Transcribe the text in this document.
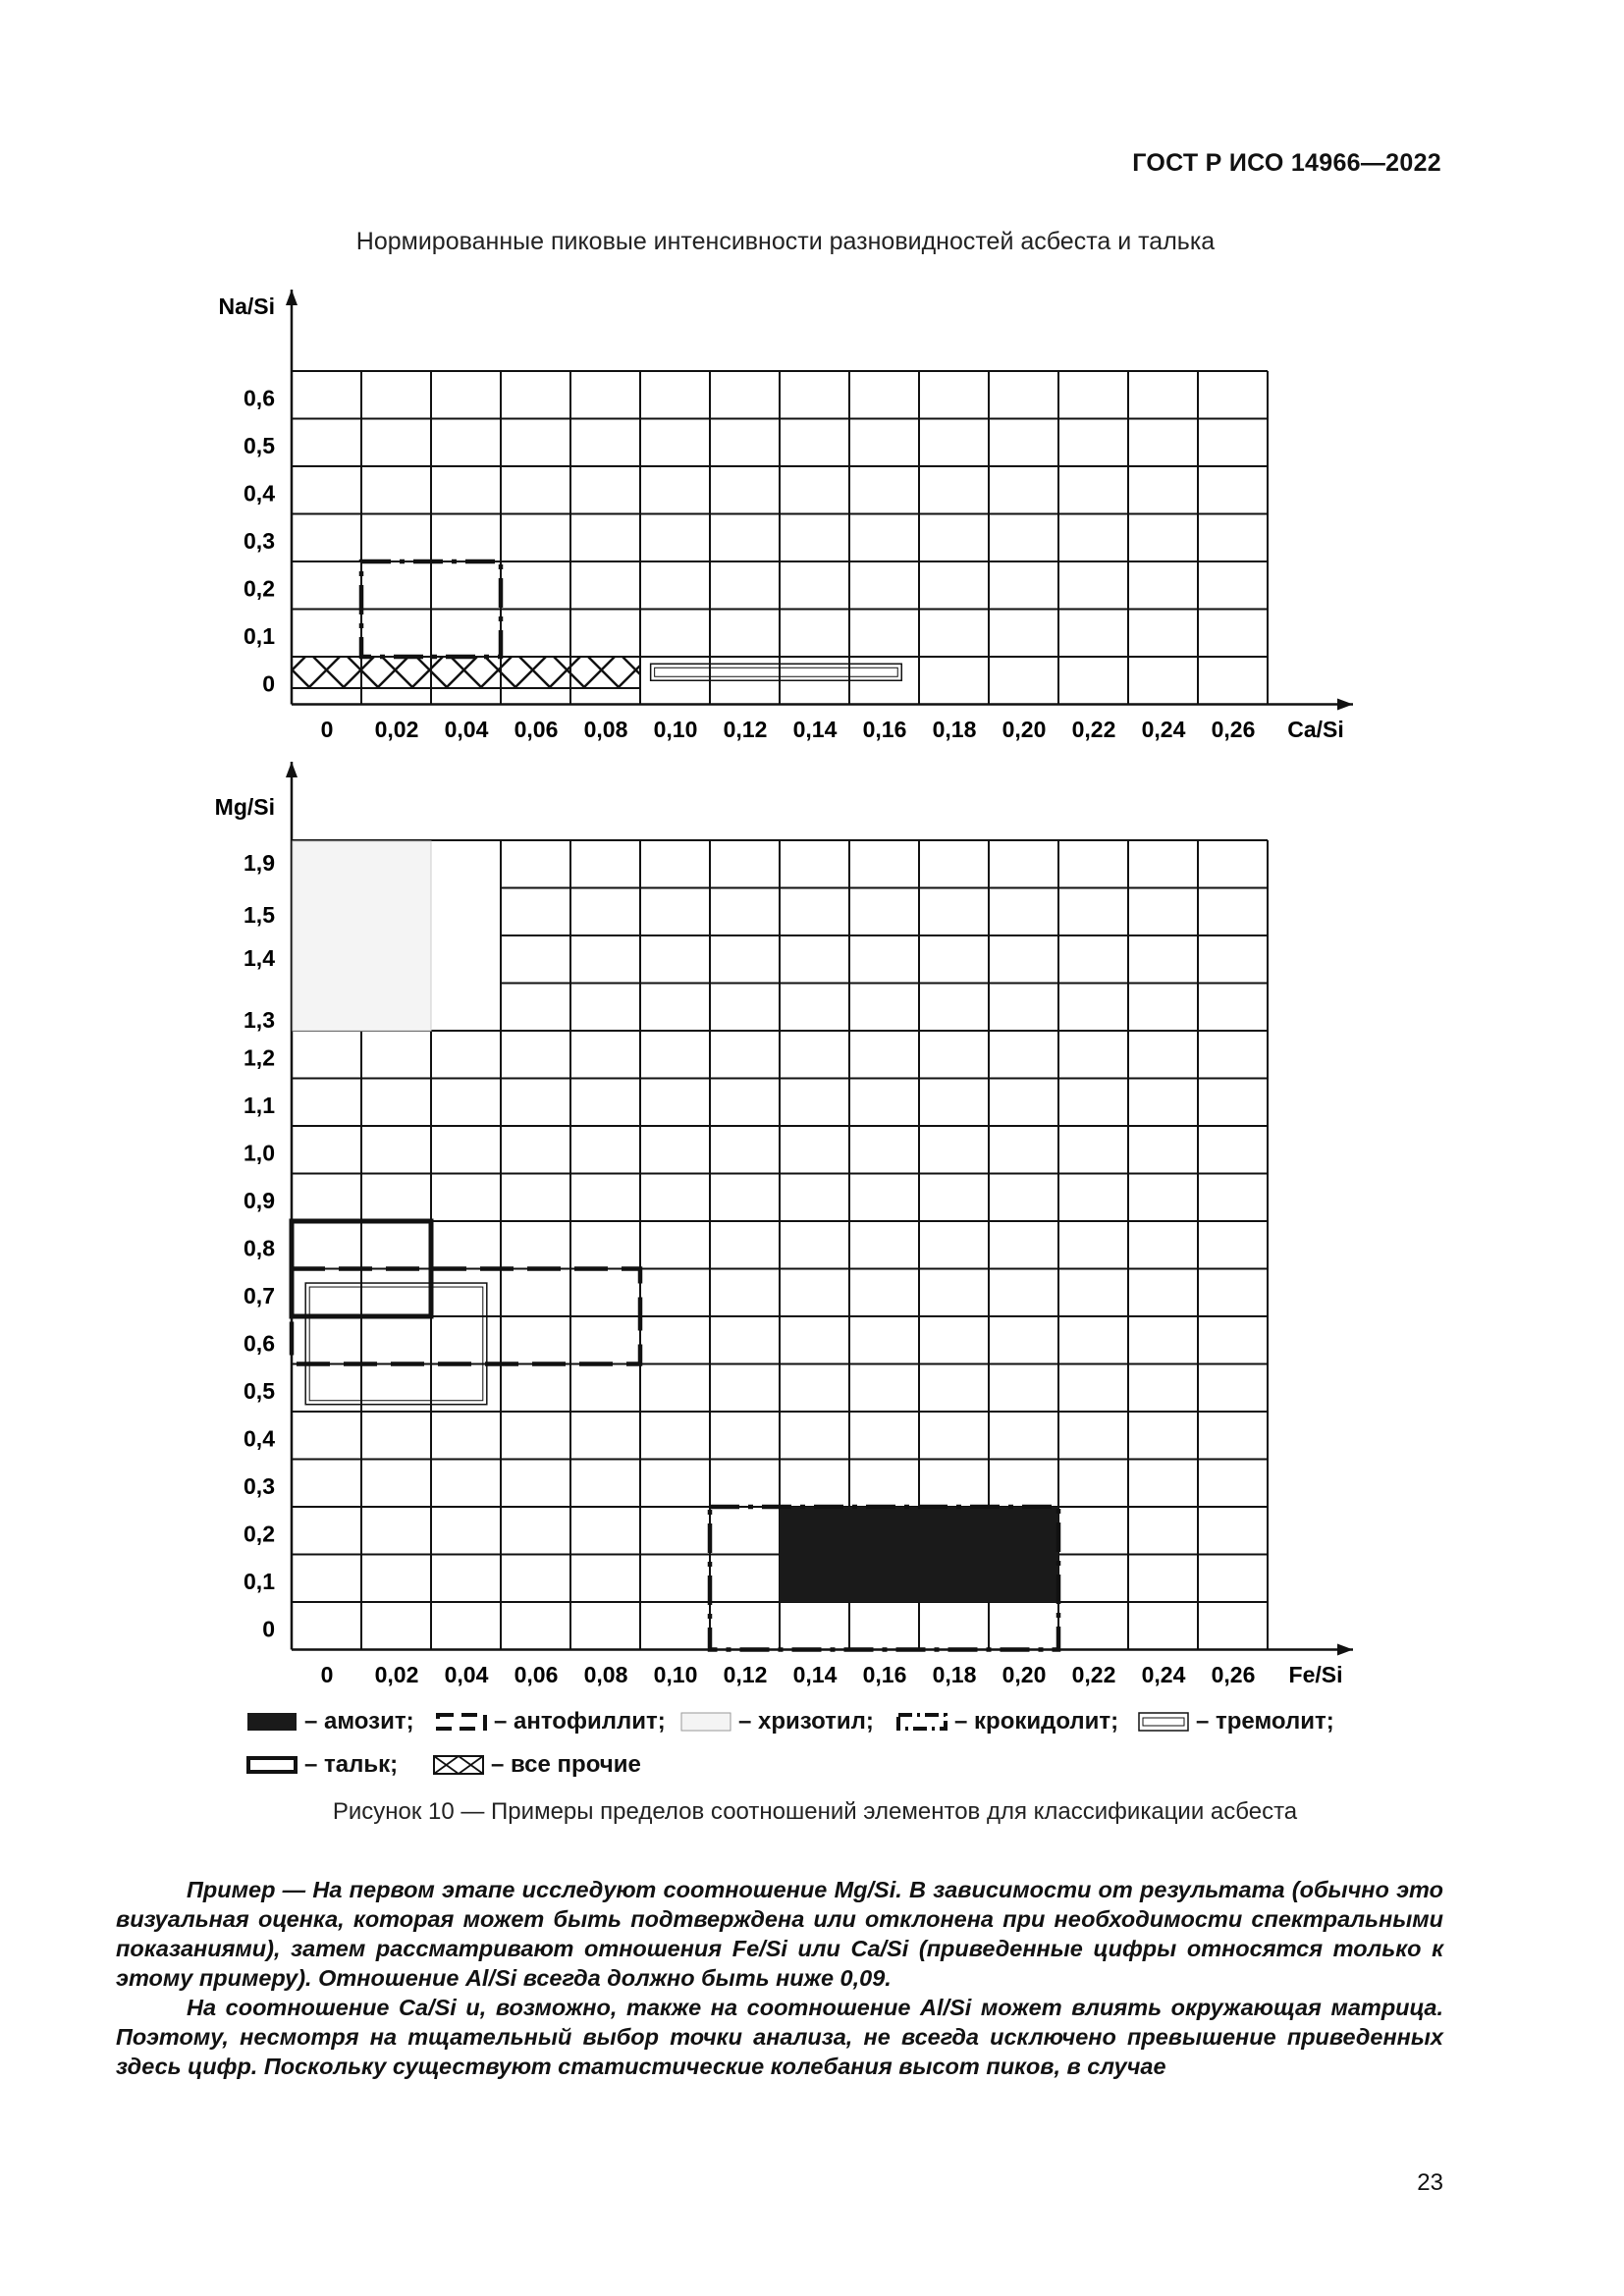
ГОСТ Р ИСО 14966—2022
Нормированные пиковые интенсивности разновидностей асбеста и талька
0,6
0,5
0,4
0,3
0,2
0,1
0
0 0,02 0,04 0,06 0,08 0,10 0,12 0,14 0,16 0,18 0,20 0,22 0,24 0,26
Na/Si
Ca/Si
1,9
1,5
1,4
1,3
1,2
1,1
1,0
0,9
0,8
0,7
0,6
0,5
0,4
0,3
0,2
0,1
0
0 0,02 0,04 0,06 0,08 0,10 0,12 0,14 0,16 0,18 0,20 0,22 0,24 0,26
Mg/Si
Fe/Si
– амозит;	– антофиллит;	– хризотил;	– крокидолит;	– тремолит;
– тальк;	– все прочие
Рисунок 10 — Примеры пределов соотношений элементов для классификации асбеста

Пример — На первом этапе исследуют соотношение Mg/Si. В зависимости от результата (обычно это визуальная оценка, которая может быть подтверждена или отклонена при необходимости спектральными показаниями), затем рассматривают отношения Fe/Si или Ca/Si (приведенные цифры относятся только к этому примеру). Отношение Al/Si всегда должно быть ниже 0,09.

На соотношение Ca/Si и, возможно, также на соотношение Al/Si может влиять окружающая матрица. Поэтому, несмотря на тщательный выбор точки анализа, не всегда исключено превышение приведенных здесь цифр. Поскольку существуют статистические колебания высот пиков, в случае

23
